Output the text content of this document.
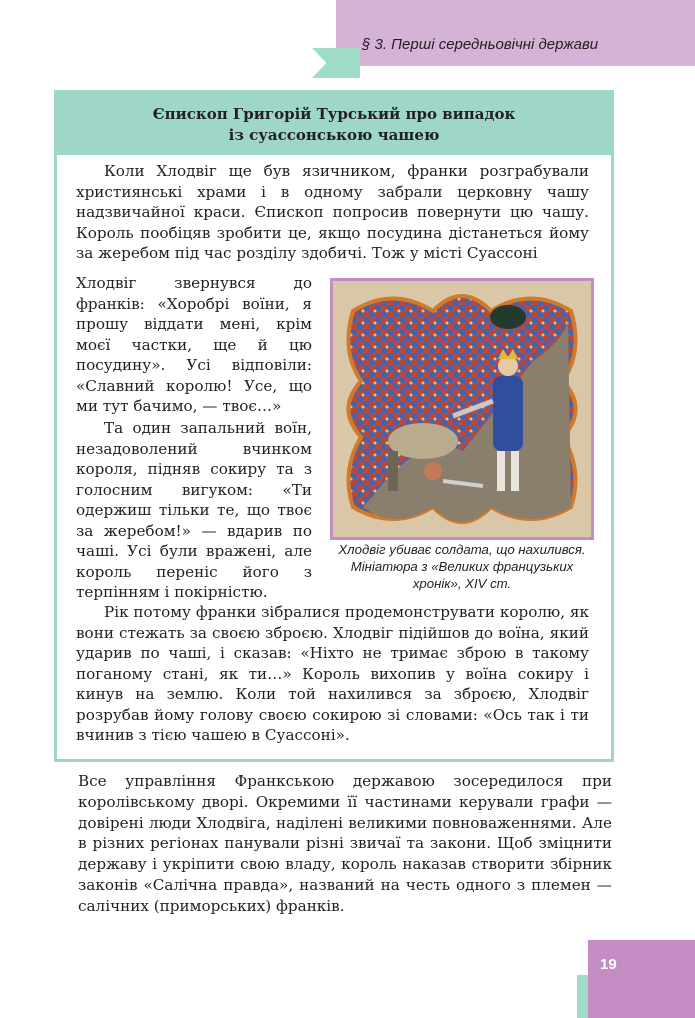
§ 3. Перші середньовічні держави
Єпископ Григорій Турський про випадок
із суассонською чашею

Коли Хлодвіг ще був язичником, франки розграбували християнські храми і в одному забрали церковну чашу надзвичайної краси. Єпископ попросив повернути цю чашу. Король пообіцяв зробити це, якщо посудина дістанеться йому за жеребом під час розділу здобичі. Тож у місті Суассоні

Хлодвіг звернувся до франків: «Хоробрі воїни, я прошу віддати мені, крім моєї частки, ще й цю посудину». Усі відповіли: «Славний королю! Усе, що ми тут бачимо, — твоє…»

Та один запальний воїн, незадоволений вчинком короля, підняв сокиру та з голосним вигуком: «Ти одержиш тільки те, що твоє за жеребом!» — вдарив по чаші. Усі були вражені, але король переніс його з терпінням і покірністю.

Рік потому франки зібралися продемонструвати королю, як вони стежать за своєю зброєю. Хлодвіг підійшов до воїна, який ударив по чаші, і сказав: «Ніхто не тримає зброю в такому поганому стані, як ти…» Король вихопив у воїна сокиру і кинув на землю. Коли той нахилився за зброєю, Хлодвіг розрубав йому голову своєю сокирою зі словами: «Ось так і ти вчинив з тією чашею в Суассоні».

Хлодвіг убиває солдата, що нахилився. Мініатюра з «Великих французьких хронік», XIV ст.

Все управління Франкською державою зосередилося при королівському дворі. Окремими її частинами керували графи — довірені люди Хлодвіга, наділені великими повноваженнями. Але в різних регіонах панували різні звичаї та закони. Щоб зміцнити державу і укріпити свою владу, король наказав створити збірник законів «Салічна правда», названий на честь одного з племен — салічних (приморських) франків.

19
